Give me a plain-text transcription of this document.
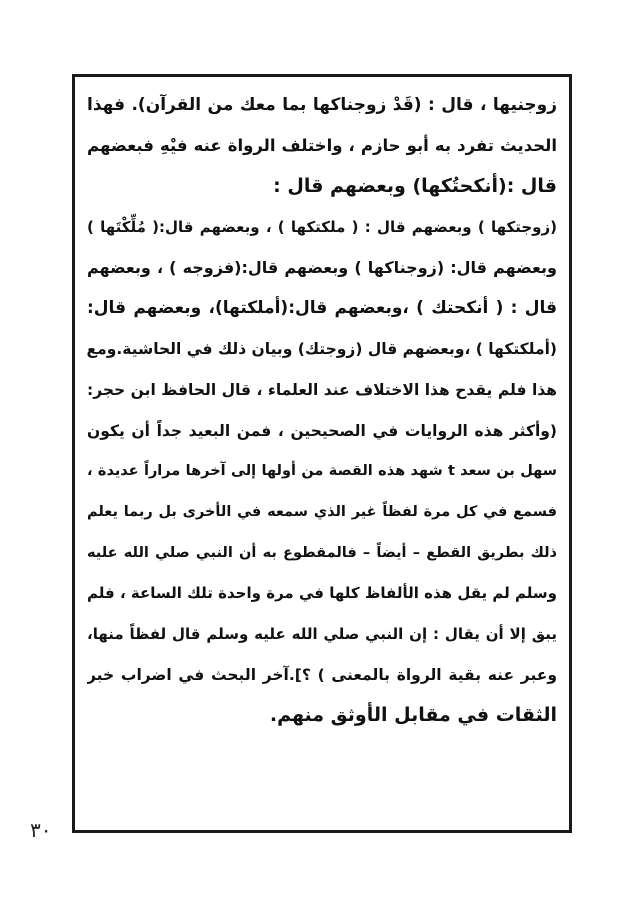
زوجنيها ، قال : (قَدْ زوجناكها بما معك من القرآن). فهذا
الحديث تفرد به أبو حازم ، واختلف الرواة عنه فيْهِ فبعضهم
قال :(أنكحتُكها) وبعضهم قال :
(زوجتكها ) وبعضهم قال : ( ملكتكها ) ، وبعضهم قال:( مُلِّكْتَها )
وبعضهم قال: (زوجناكها ) وبعضهم قال:(فزوجه ) ، وبعضهم
قال : ( أنكحتك ) ،وبعضهم قال:(أملكتها)، وبعضهم قال:
(أملكتكها ) ،وبعضهم قال (زوجتك) وبيان ذلك في الحاشية.ومع
هذا فلم يقدح هذا الاختلاف عند العلماء ، قال الحافظ ابن حجر:
(وأكثر هذه الروايات في الصحيحين ، فمن البعيد جداً أن يكون
سهل بن سعد t شهد هذه القصة من أولها إلى آخرها مراراً عديدة ،
فسمع في كل مرة لفظاً غير الذي سمعه في الأخرى بل ربما يعلم
ذلك بطريق القطع – أيضاً – فالمقطوع به أن النبي صلي الله عليه
وسلم لم يقل هذه الألفاظ كلها في مرة واحدة تلك الساعة ، فلم
يبق إلا أن يقال : إن النبي صلي الله عليه وسلم قال لفظاً منها،
وعبر عنه بقية الرواة بالمعنى ) ؟].آخر البحث في اضراب خبر
الثقات في مقابل الأوثق منهم.
٣٠
